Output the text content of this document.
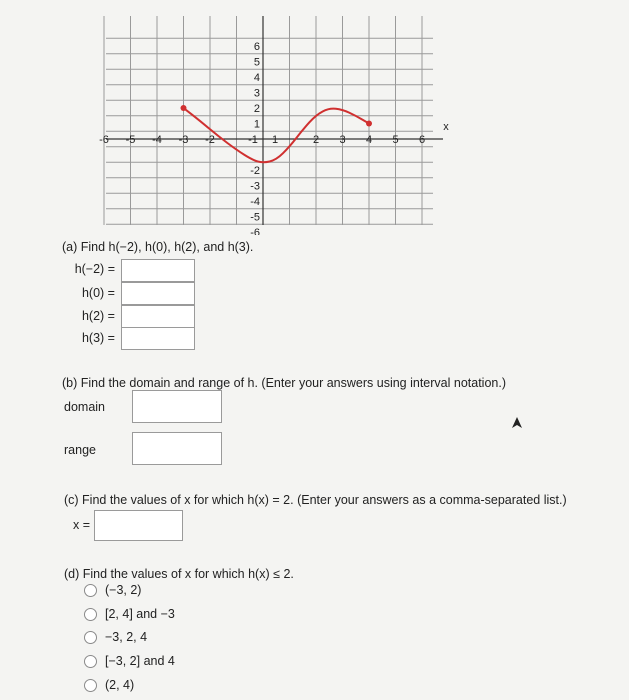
-6 -5 -4 -3 -2	2 3 4 5 6
6
5
4
3
2
1
-2
-3
-4
-5
-6
-1 1
x
(a) Find h(−2), h(0), h(2), and h(3).
h(−2) =
h(0) =
h(2) =
h(3) =
(b) Find the domain and range of h. (Enter your answers using interval notation.)
domain
range
(c) Find the values of x for which h(x) = 2. (Enter your answers as a comma-separated list.)
x =
(d) Find the values of x for which h(x) ≤ 2.
(−3, 2)
[2, 4] and −3
−3, 2, 4
[−3, 2] and 4
(2, 4)
